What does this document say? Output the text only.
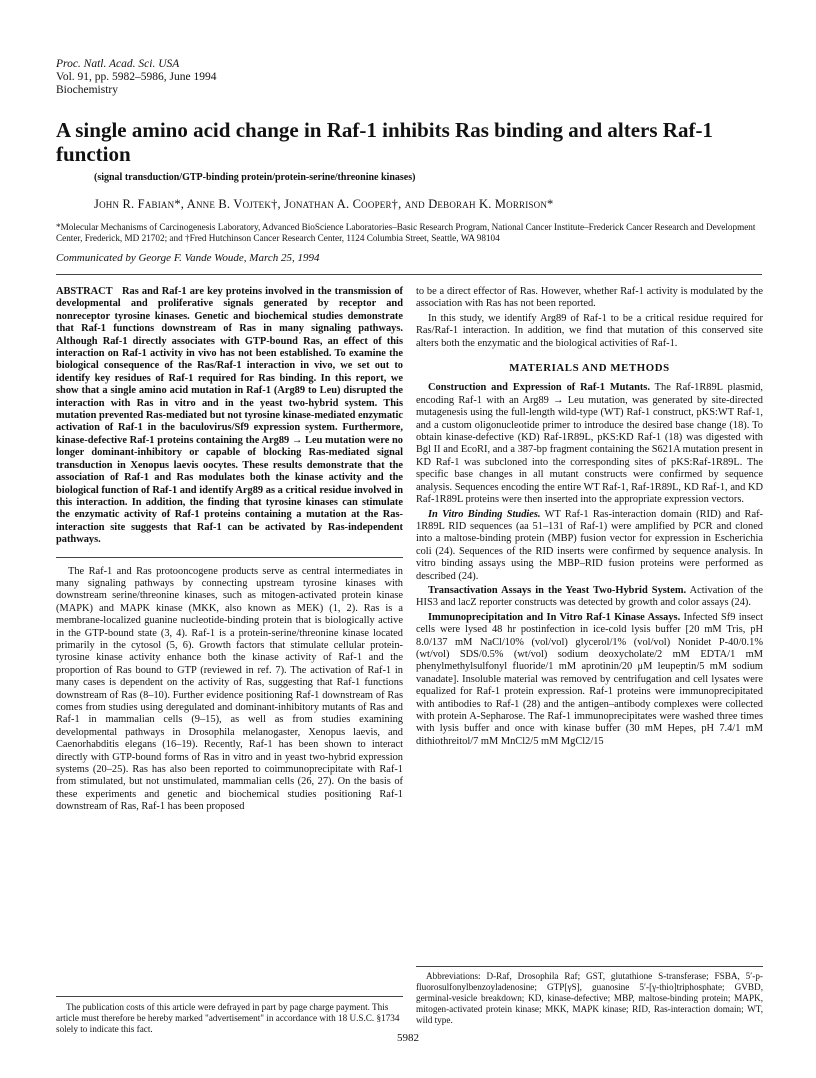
Proc. Natl. Acad. Sci. USA
Vol. 91, pp. 5982–5986, June 1994
Biochemistry
A single amino acid change in Raf-1 inhibits Ras binding and alters Raf-1 function
(signal transduction/GTP-binding protein/protein-serine/threonine kinases)
John R. Fabian*, Anne B. Vojtek†, Jonathan A. Cooper†, and Deborah K. Morrison*
*Molecular Mechanisms of Carcinogenesis Laboratory, Advanced BioScience Laboratories–Basic Research Program, National Cancer Institute–Frederick Cancer Research and Development Center, Frederick, MD 21702; and †Fred Hutchinson Cancer Research Center, 1124 Columbia Street, Seattle, WA 98104
Communicated by George F. Vande Woude, March 25, 1994

ABSTRACT Ras and Raf-1 are key proteins involved in the transmission of developmental and proliferative signals generated by receptor and nonreceptor tyrosine kinases. Genetic and biochemical studies demonstrate that Raf-1 functions downstream of Ras in many signaling pathways. Although Raf-1 directly associates with GTP-bound Ras, an effect of this interaction on Raf-1 activity in vivo has not been established. To examine the biological consequence of the Ras/Raf-1 interaction in vivo, we set out to identify key residues of Raf-1 required for Ras binding. In this report, we show that a single amino acid mutation in Raf-1 (Arg89 to Leu) disrupted the interaction with Ras in vitro and in the yeast two-hybrid system. This mutation prevented Ras-mediated but not tyrosine kinase-mediated enzymatic activation of Raf-1 in the baculovirus/Sf9 expression system. Furthermore, kinase-defective Raf-1 proteins containing the Arg89 → Leu mutation were no longer dominant-inhibitory or capable of blocking Ras-mediated signal transduction in Xenopus laevis oocytes. These results demonstrate that the association of Raf-1 and Ras modulates both the kinase activity and the biological function of Raf-1 and identify Arg89 as a critical residue involved in this interaction. In addition, the finding that tyrosine kinases can stimulate the enzymatic activity of Raf-1 proteins containing a mutation at the Ras-interaction site suggests that Raf-1 can be activated by Ras-independent pathways.

The Raf-1 and Ras protooncogene products serve as central intermediates in many signaling pathways by connecting upstream tyrosine kinases with downstream serine/threonine kinases, such as mitogen-activated protein kinase (MAPK) and MAPK kinase (MKK, also known as MEK) (1, 2). Ras is a membrane-localized guanine nucleotide-binding protein that is biologically active in the GTP-bound state (3, 4). Raf-1 is a protein-serine/threonine kinase located primarily in the cytosol (5, 6). Growth factors that stimulate cellular protein-tyrosine kinase activity enhance both the kinase activity of Raf-1 and the proportion of Ras bound to GTP (reviewed in ref. 7). The activation of Raf-1 in many cases is dependent on the activity of Ras, suggesting that Raf-1 functions downstream of Ras (8–10). Further evidence positioning Raf-1 downstream of Ras comes from studies using deregulated and dominant-inhibitory mutants of Ras and Raf-1 in mammalian cells (9–15), as well as from studies examining developmental pathways in Drosophila melanogaster, Xenopus laevis, and Caenorhabditis elegans (16–19). Recently, Raf-1 has been shown to interact directly with GTP-bound forms of Ras in vitro and in yeast two-hybrid expression systems (20–25). Ras has also been reported to coimmunoprecipitate with Raf-1 from stimulated, but not unstimulated, mammalian cells (26, 27). On the basis of these experiments and genetic and biochemical studies positioning Raf-1 downstream of Ras, Raf-1 has been proposed

The publication costs of this article were defrayed in part by page charge payment. This article must therefore be hereby marked "advertisement" in accordance with 18 U.S.C. §1734 solely to indicate this fact.

to be a direct effector of Ras. However, whether Raf-1 activity is modulated by the association with Ras has not been reported.

In this study, we identify Arg89 of Raf-1 to be a critical residue required for Ras/Raf-1 interaction. In addition, we find that mutation of this conserved site alters both the enzymatic and the biological activities of Raf-1.

MATERIALS AND METHODS

Construction and Expression of Raf-1 Mutants. The Raf-1R89L plasmid, encoding Raf-1 with an Arg89 → Leu mutation, was generated by site-directed mutagenesis using the full-length wild-type (WT) Raf-1 construct, pKS:WT Raf-1, and a custom oligonucleotide primer to introduce the desired base change (18). To obtain kinase-defective (KD) Raf-1R89L, pKS:KD Raf-1 (18) was digested with Bgl II and EcoRI, and a 387-bp fragment containing the S621A mutation present in KD Raf-1 was subcloned into the corresponding sites of pKS:Raf-1R89L. The specific base changes in all mutant constructs were confirmed by sequence analysis. Sequences encoding the entire WT Raf-1, Raf-1R89L, KD Raf-1, and KD Raf-1R89L proteins were then inserted into the appropriate expression vectors.

In Vitro Binding Studies. WT Raf-1 Ras-interaction domain (RID) and Raf-1R89L RID sequences (aa 51–131 of Raf-1) were amplified by PCR and cloned into a maltose-binding protein (MBP) fusion vector for expression in Escherichia coli (24). Sequences of the RID inserts were confirmed by sequence analysis. In vitro binding assays using the MBP–RID fusion proteins were performed as described (24).

Transactivation Assays in the Yeast Two-Hybrid System. Activation of the HIS3 and lacZ reporter constructs was detected by growth and color assays (24).

Immunoprecipitation and In Vitro Raf-1 Kinase Assays. Infected Sf9 insect cells were lysed 48 hr postinfection in ice-cold lysis buffer [20 mM Tris, pH 8.0/137 mM NaCl/10% (vol/vol) glycerol/1% (vol/vol) Nonidet P-40/0.1% (wt/vol) SDS/0.5% (wt/vol) sodium deoxycholate/2 mM EDTA/1 mM phenylmethylsulfonyl fluoride/1 mM aprotinin/20 μM leupeptin/5 mM sodium vanadate]. Insoluble material was removed by centrifugation and cell lysates were equalized for Raf-1 protein expression. Raf-1 proteins were immunoprecipitated with antibodies to Raf-1 (28) and the antigen–antibody complexes were collected with protein A-Sepharose. The Raf-1 immunoprecipitates were washed three times with lysis buffer and once with kinase buffer (30 mM Hepes, pH 7.4/1 mM dithiothreitol/7 mM MnCl2/5 mM MgCl2/15

Abbreviations: D-Raf, Drosophila Raf; GST, glutathione S-transferase; FSBA, 5′-p-fluorosulfonylbenzoyladenosine; GTP[γS], guanosine 5′-[γ-thio]triphosphate; GVBD, germinal-vesicle breakdown; KD, kinase-defective; MBP, maltose-binding protein; MAPK, mitogen-activated protein kinase; MKK, MAPK kinase; RID, Ras-interaction domain; WT, wild type.

5982
